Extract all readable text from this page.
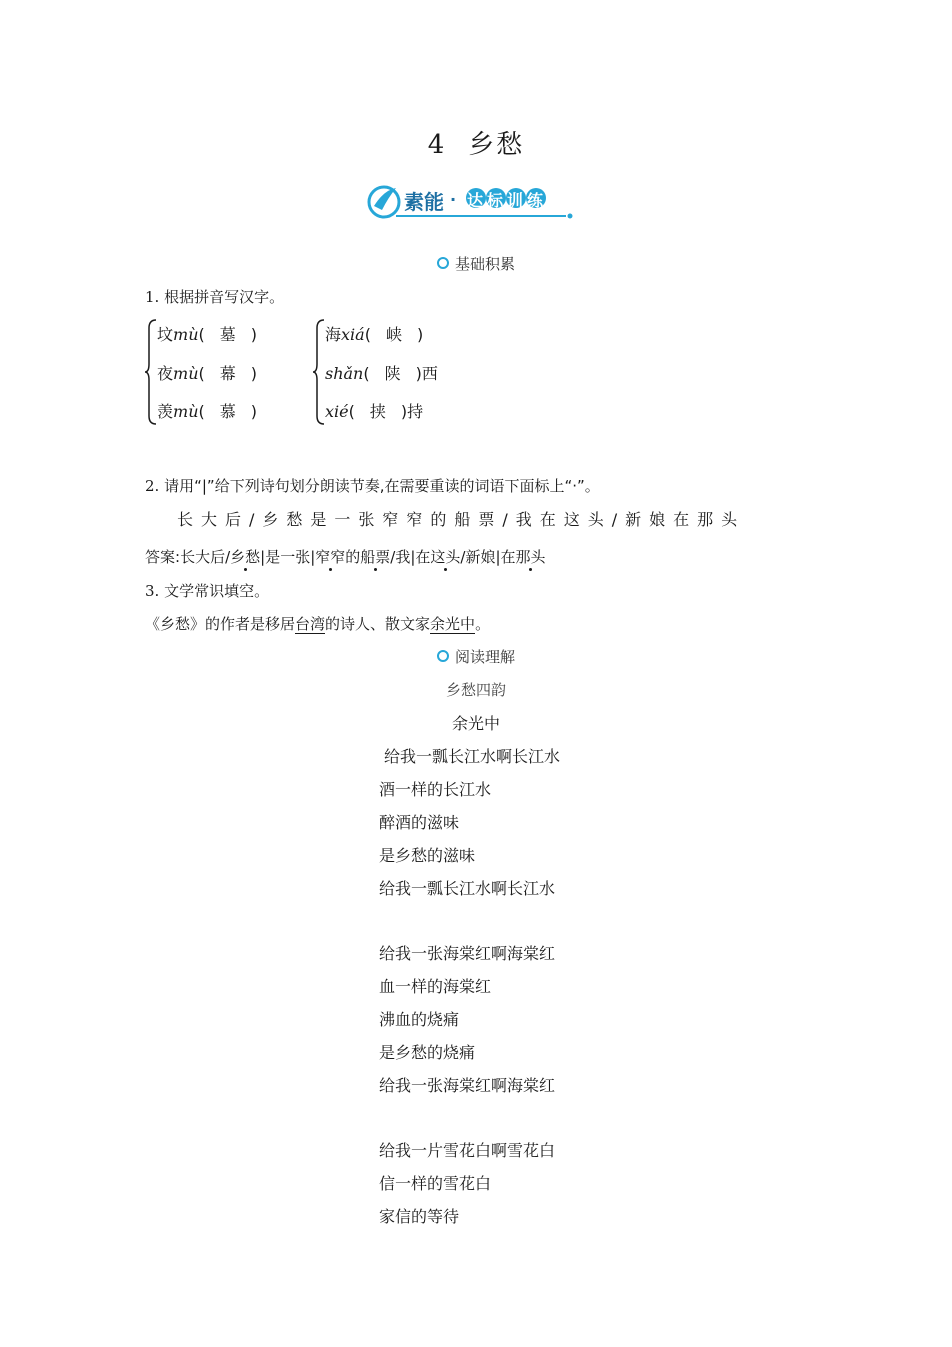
4 乡愁
素能 · 达标训练
基础积累
1. 根据拼音写汉字。
坟mù( 墓 )
夜mù( 幕 )
羡mù( 慕 )
海xiá( 峡 )
shǎn( 陕 )西
xié( 挟 )持
2. 请用“|”给下列诗句划分朗读节奏,在需要重读的词语下面标上“·”。
长大后/乡愁是一张窄窄的船票/我在这头/新娘在那头
答案:长大后/乡愁|是一张|窄窄的船票/我|在这头/新娘|在那头
3. 文学常识填空。
《乡愁》的作者是移居台湾的诗人、散文家余光中。
阅读理解
乡愁四韵
余光中
给我一瓢长江水啊长江水
酒一样的长江水
醉酒的滋味
是乡愁的滋味
给我一瓢长江水啊长江水
给我一张海棠红啊海棠红
血一样的海棠红
沸血的烧痛
是乡愁的烧痛
给我一张海棠红啊海棠红
给我一片雪花白啊雪花白
信一样的雪花白
家信的等待
